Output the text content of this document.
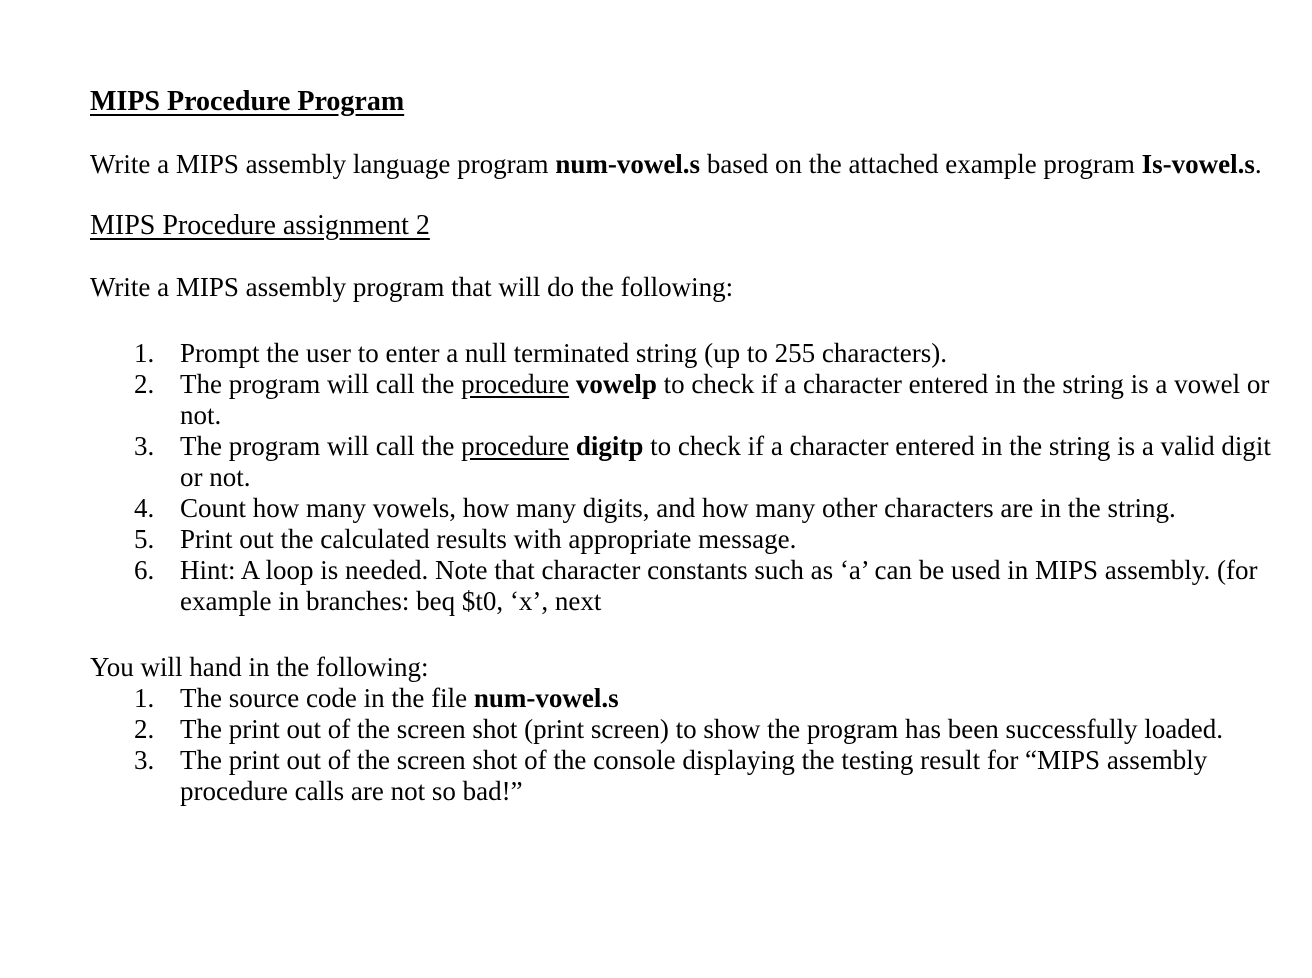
MIPS Procedure Program

Write a MIPS assembly language program num-vowel.s based on the attached example program Is-vowel.s.

MIPS Procedure assignment 2

Write a MIPS assembly program that will do the following:

1. Prompt the user to enter a null terminated string (up to 255 characters).
2. The program will call the procedure vowelp to check if a character entered in the string is a vowel or not.
3. The program will call the procedure digitp to check if a character entered in the string is a valid digit or not.
4. Count how many vowels, how many digits, and how many other characters are in the string.
5. Print out the calculated results with appropriate message.
6. Hint: A loop is needed. Note that character constants such as ‘a’ can be used in MIPS assembly. (for example in branches: beq $t0, ‘x’, next

You will hand in the following:

1. The source code in the file num-vowel.s
2. The print out of the screen shot (print screen) to show the program has been successfully loaded.
3. The print out of the screen shot of the console displaying the testing result for “MIPS assembly procedure calls are not so bad!”
